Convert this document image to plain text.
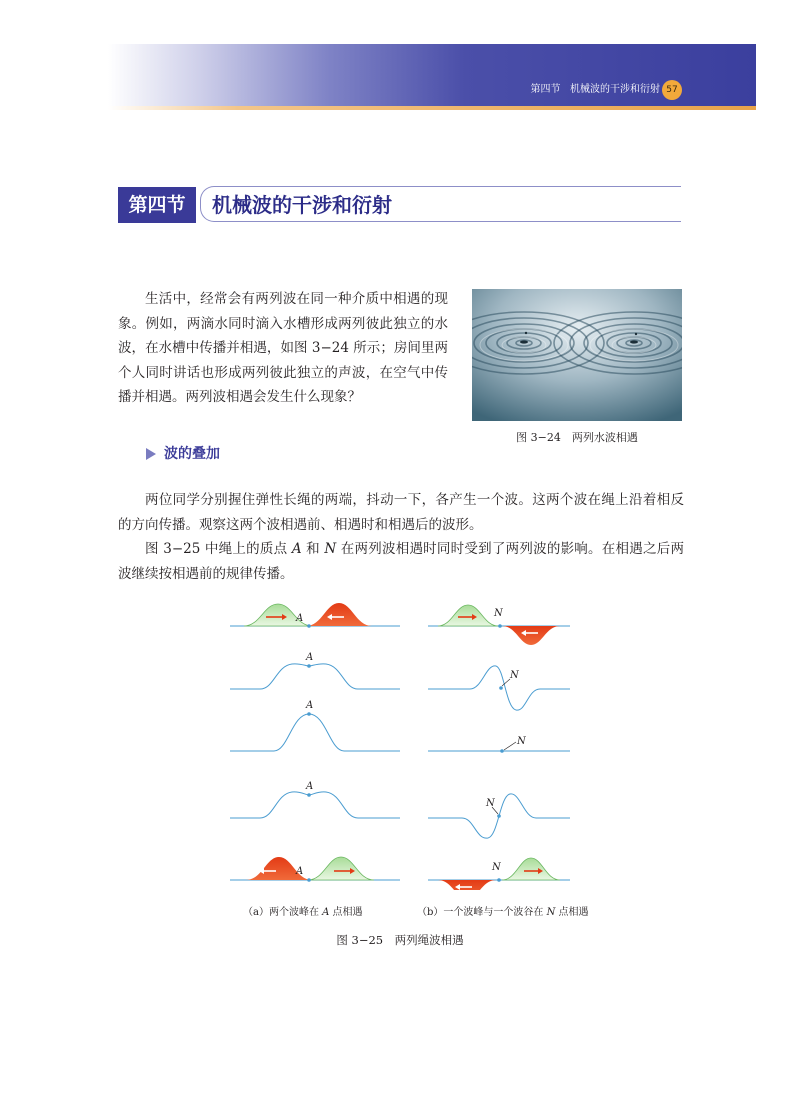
第四节 机械波的干涉和衍射 57
第四节	机械波的干涉和衍射

生活中，经常会有两列波在同一种介质中相遇的现象。例如，两滴水同时滴入水槽形成两列彼此独立的水波，在水槽中传播并相遇，如图 3−24 所示；房间里两个人同时讲话也形成两列彼此独立的声波，在空气中传播并相遇。两列波相遇会发生什么现象？

图 3−24　两列水波相遇
波的叠加

两位同学分别握住弹性长绳的两端，抖动一下，各产生一个波。这两个波在绳上沿着相反的方向传播。观察这两个波相遇前、相遇时和相遇后的波形。

图 3−25 中绳上的质点 A 和 N 在两列波相遇时同时受到了两列波的影响。在相遇之后两波继续按相遇前的规律传播。

A
A
A
A
A
N
N
N
N
N
（a）两个波峰在 A 点相遇	（b）一个波峰与一个波谷在 N 点相遇
图 3−25　两列绳波相遇
